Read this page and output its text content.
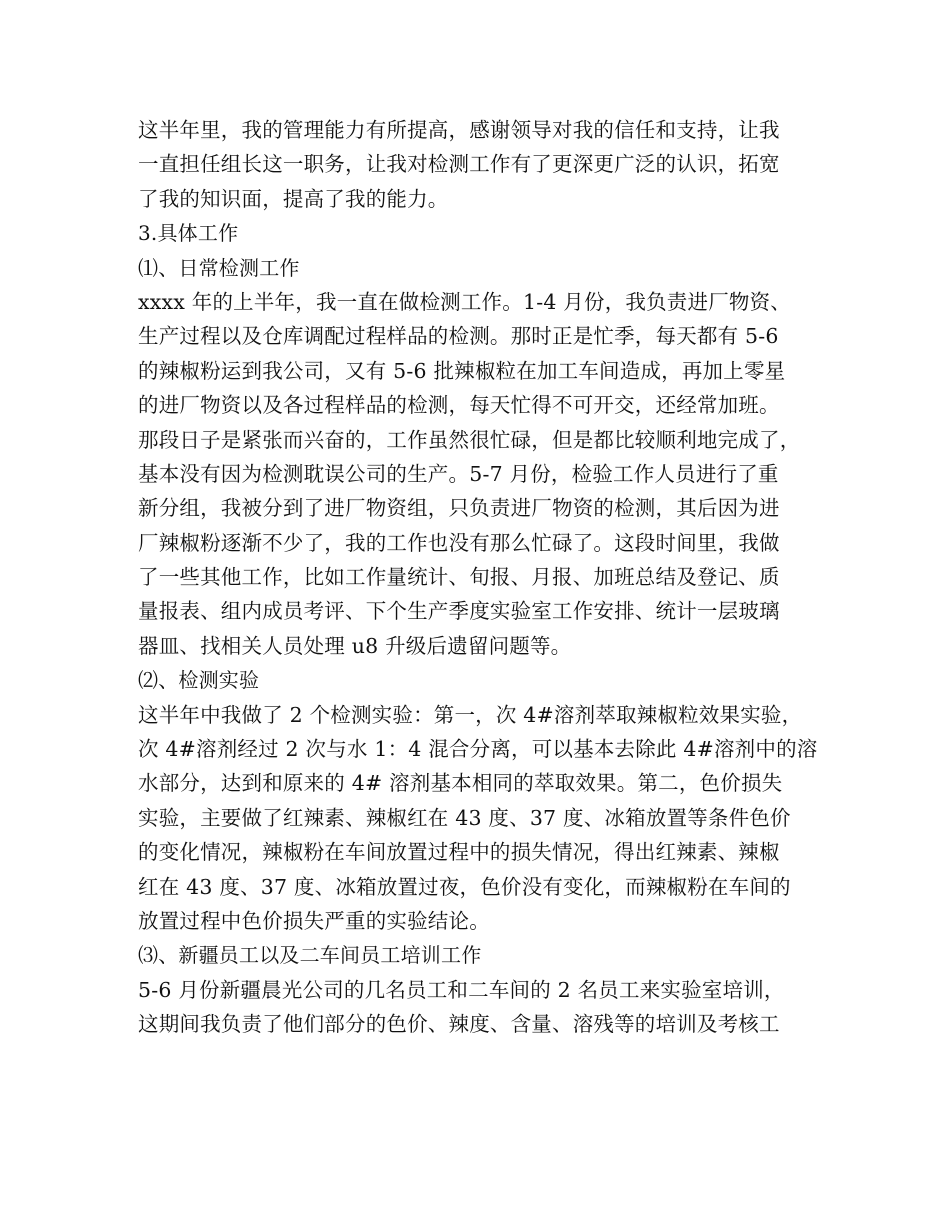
这半年里，我的管理能力有所提高，感谢领导对我的信任和支持，让我
一直担任组长这一职务，让我对检测工作有了更深更广泛的认识，拓宽
了我的知识面，提高了我的能力。
3.具体工作
⑴、日常检测工作
xxxx 年的上半年，我一直在做检测工作。1-4 月份，我负责进厂物资、
生产过程以及仓库调配过程样品的检测。那时正是忙季，每天都有 5-6
的辣椒粉运到我公司，又有 5-6 批辣椒粒在加工车间造成，再加上零星
的进厂物资以及各过程样品的检测，每天忙得不可开交，还经常加班。
那段日子是紧张而兴奋的，工作虽然很忙碌，但是都比较顺利地完成了，
基本没有因为检测耽误公司的生产。5-7 月份，检验工作人员进行了重
新分组，我被分到了进厂物资组，只负责进厂物资的检测，其后因为进
厂辣椒粉逐渐不少了，我的工作也没有那么忙碌了。这段时间里，我做
了一些其他工作，比如工作量统计、旬报、月报、加班总结及登记、质
量报表、组内成员考评、下个生产季度实验室工作安排、统计一层玻璃
器皿、找相关人员处理 u8 升级后遗留问题等。
⑵、检测实验
这半年中我做了 2 个检测实验：第一，次 4#溶剂萃取辣椒粒效果实验，
次 4#溶剂经过 2 次与水 1：4 混合分离，可以基本去除此 4#溶剂中的溶
水部分，达到和原来的 4# 溶剂基本相同的萃取效果。第二，色价损失
实验，主要做了红辣素、辣椒红在 43 度、37 度、冰箱放置等条件色价
的变化情况，辣椒粉在车间放置过程中的损失情况，得出红辣素、辣椒
红在 43 度、37 度、冰箱放置过夜，色价没有变化，而辣椒粉在车间的
放置过程中色价损失严重的实验结论。
⑶、新疆员工以及二车间员工培训工作
5-6 月份新疆晨光公司的几名员工和二车间的 2 名员工来实验室培训，
这期间我负责了他们部分的色价、辣度、含量、溶残等的培训及考核工
